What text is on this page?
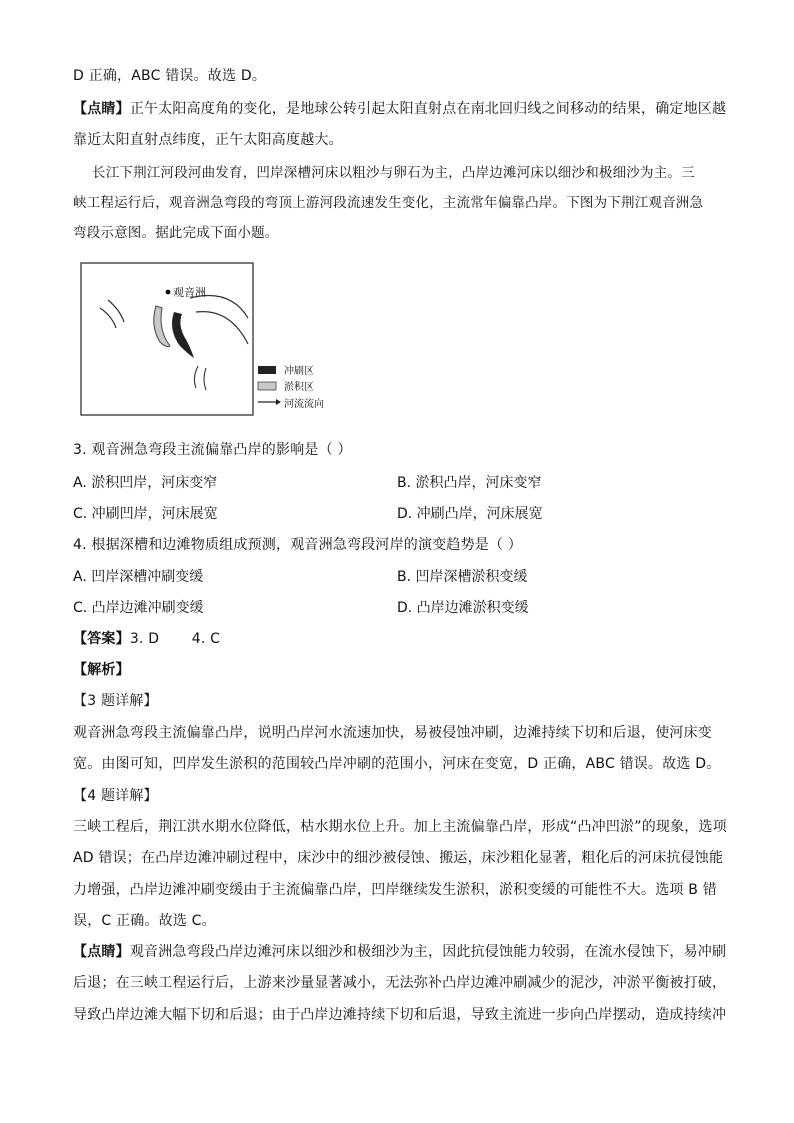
D 正确，ABC 错误。故选 D。
【点睛】正午太阳高度角的变化，是地球公转引起太阳直射点在南北回归线之间移动的结果，确定地区越
靠近太阳直射点纬度，正午太阳高度越大。
长江下荆江河段河曲发育，凹岸深槽河床以粗沙与卵石为主，凸岸边滩河床以细沙和极细沙为主。三
峡工程运行后，观音洲急弯段的弯顶上游河段流速发生变化，主流常年偏靠凸岸。下图为下荆江观音洲急
弯段示意图。据此完成下面小题。
观音洲
冲刷区
淤积区
河流流向
3. 观音洲急弯段主流偏靠凸岸的影响是（ ）
A. 淤积凹岸，河床变窄	B. 淤积凸岸，河床变窄
C. 冲刷凹岸，河床展宽	D. 冲刷凸岸，河床展宽
4. 根据深槽和边滩物质组成预测，观音洲急弯段河岸的演变趋势是（ ）
A. 凹岸深槽冲刷变缓	B. 凹岸深槽淤积变缓
C. 凸岸边滩冲刷变缓	D. 凸岸边滩淤积变缓
【答案】3. D       4. C
【解析】
【3 题详解】
观音洲急弯段主流偏靠凸岸，说明凸岸河水流速加快，易被侵蚀冲刷，边滩持续下切和后退，使河床变
宽。由图可知，凹岸发生淤积的范围较凸岸冲刷的范围小，河床在变宽，D 正确，ABC 错误。故选 D。
【4 题详解】
三峡工程后，荆江洪水期水位降低，枯水期水位上升。加上主流偏靠凸岸，形成“凸冲凹淤”的现象，选项
AD 错误；在凸岸边滩冲刷过程中，床沙中的细沙被侵蚀、搬运，床沙粗化显著，粗化后的河床抗侵蚀能
力增强，凸岸边滩冲刷变缓由于主流偏靠凸岸，凹岸继续发生淤积，淤积变缓的可能性不大。选项 B 错
误，C 正确。故选 C。
【点睛】观音洲急弯段凸岸边滩河床以细沙和极细沙为主，因此抗侵蚀能力较弱，在流水侵蚀下，易冲刷
后退；在三峡工程运行后，上游来沙量显著减小，无法弥补凸岸边滩冲刷减少的泥沙，冲淤平衡被打破，
导致凸岸边滩大幅下切和后退；由于凸岸边滩持续下切和后退，导致主流进一步向凸岸摆动，造成持续冲
